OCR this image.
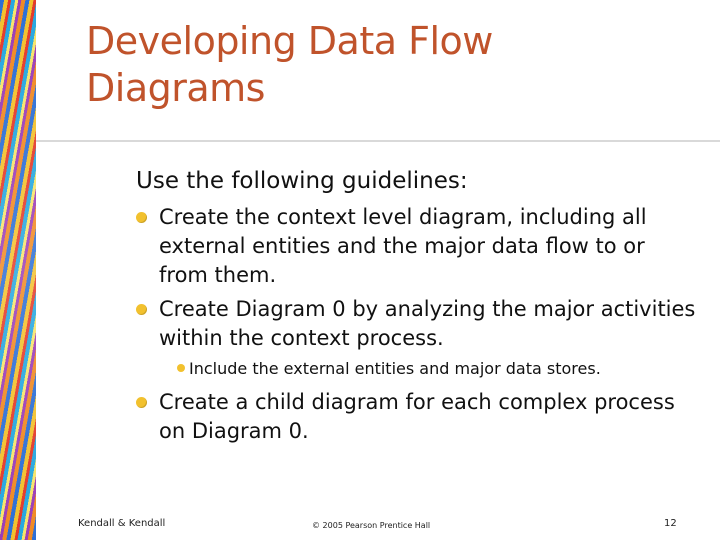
Developing Data Flow
Diagrams
Use the following guidelines:
Create the context level diagram, including all
external entities and the major data flow to or
from them.
Create Diagram 0 by analyzing the major activities
within the context process.
Include the external entities and major data stores.
Create a child diagram for each complex process
on Diagram 0.
Kendall & Kendall	© 2005 Pearson Prentice Hall	12
